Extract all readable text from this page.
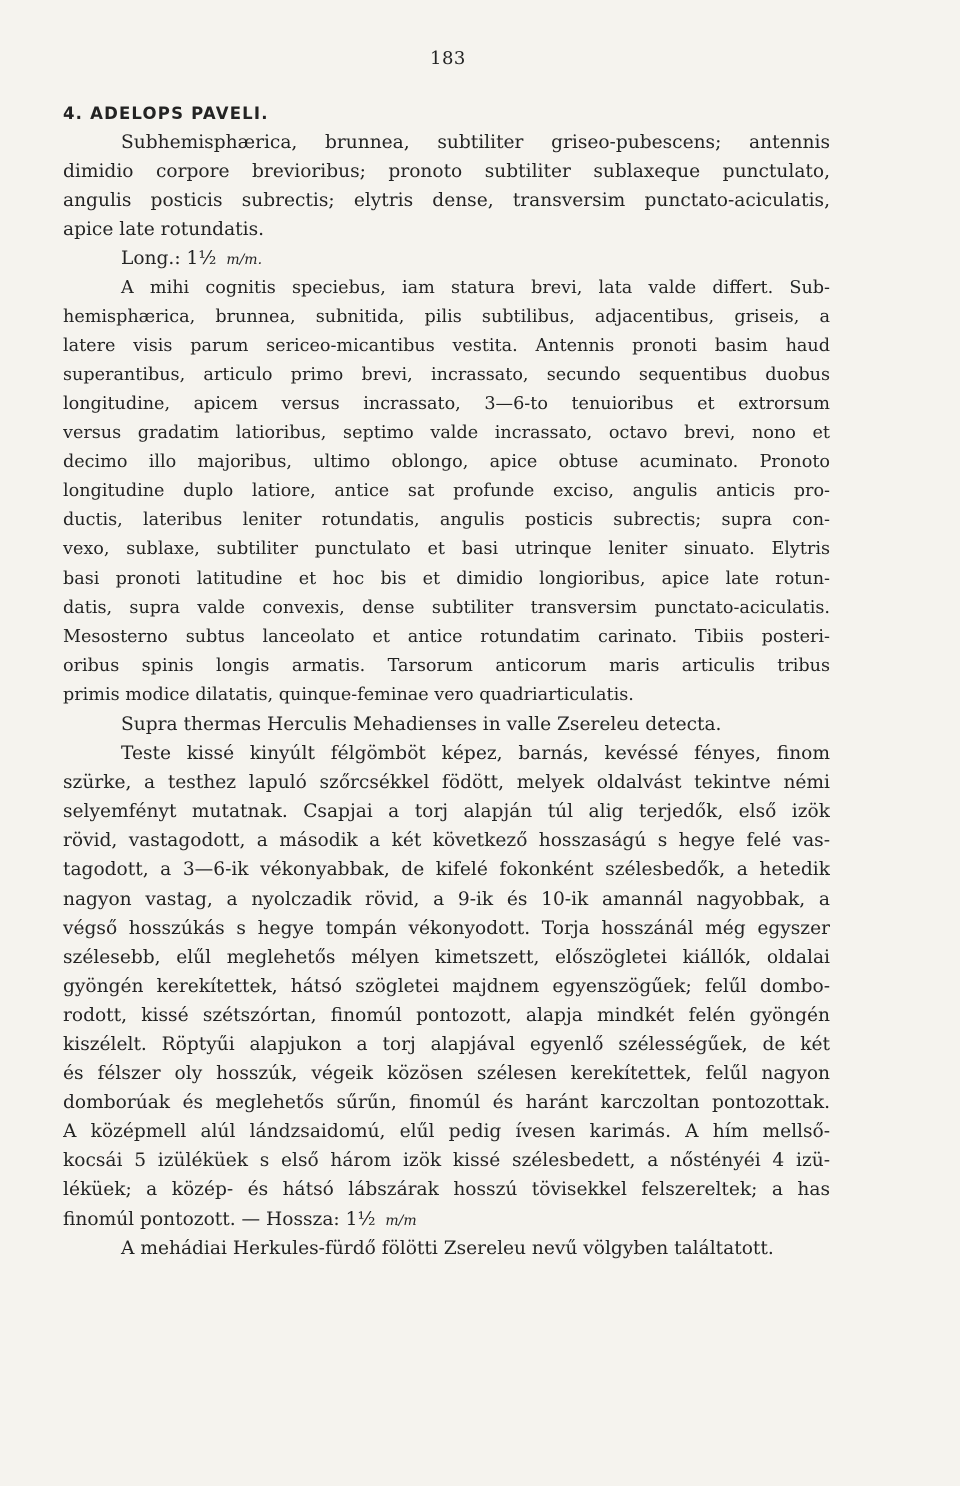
183
4. ADELOPS PAVELI.
Subhemisphærica, brunnea, subtiliter griseo-pubescens; antennis
dimidio corpore brevioribus; pronoto subtiliter sublaxeque punctulato,
angulis posticis subrectis; elytris dense, transversim punctato-aciculatis,
apice late rotundatis.
Long.: 1½ m/m.
A mihi cognitis speciebus, iam statura brevi, lata valde differt. Sub-
hemisphærica, brunnea, subnitida, pilis subtilibus, adjacentibus, griseis, a
latere visis parum sericeo-micantibus vestita. Antennis pronoti basim haud
superantibus, articulo primo brevi, incrassato, secundo sequentibus duobus
longitudine, apicem versus incrassato, 3—6-to tenuioribus et extrorsum
versus gradatim latioribus, septimo valde incrassato, octavo brevi, nono et
decimo illo majoribus, ultimo oblongo, apice obtuse acuminato. Pronoto
longitudine duplo latiore, antice sat profunde exciso, angulis anticis pro-
ductis, lateribus leniter rotundatis, angulis posticis subrectis; supra con-
vexo, sublaxe, subtiliter punctulato et basi utrinque leniter sinuato. Elytris
basi pronoti latitudine et hoc bis et dimidio longioribus, apice late rotun-
datis, supra valde convexis, dense subtiliter transversim punctato-aciculatis.
Mesosterno subtus lanceolato et antice rotundatim carinato. Tibiis posteri-
oribus spinis longis armatis. Tarsorum anticorum maris articulis tribus
primis modice dilatatis, quinque-feminae vero quadriarticulatis.
Supra thermas Herculis Mehadienses in valle Zsereleu detecta.
Teste kissé kinyúlt félgömböt képez, barnás, kevéssé fényes, finom
szürke, a testhez lapuló szőrcsékkel födött, melyek oldalvást tekintve némi
selyemfényt mutatnak. Csapjai a torj alapján túl alig terjedők, első izök
rövid, vastagodott, a második a két következő hosszaságú s hegye felé vas-
tagodott, a 3—6-ik vékonyabbak, de kifelé fokonként szélesbedők, a hetedik
nagyon vastag, a nyolczadik rövid, a 9-ik és 10-ik amannál nagyobbak, a
végső hosszúkás s hegye tompán vékonyodott. Torja hosszánál még egyszer
szélesebb, elűl meglehetős mélyen kimetszett, előszögletei kiállók, oldalai
gyöngén kerekítettek, hátsó szögletei majdnem egyenszögűek; felűl dombo-
rodott, kissé szétszórtan, finomúl pontozott, alapja mindkét felén gyöngén
kiszélelt. Röptyűi alapjukon a torj alapjával egyenlő szélességűek, de két
és félszer oly hosszúk, végeik közösen szélesen kerekítettek, felűl nagyon
domborúak és meglehetős sűrűn, finomúl és haránt karczoltan pontozottak.
A középmell alúl lándzsaidomú, elűl pedig ívesen karimás. A hím mellső-
kocsái 5 izüléküek s első három izök kissé szélesbedett, a nőstényéi 4 izü-
léküek; a közép- és hátsó lábszárak hosszú tövisekkel felszereltek; a has
finomúl pontozott. — Hossza: 1½ m/m
A mehádiai Herkules-fürdő fölötti Zsereleu nevű völgyben találtatott.
